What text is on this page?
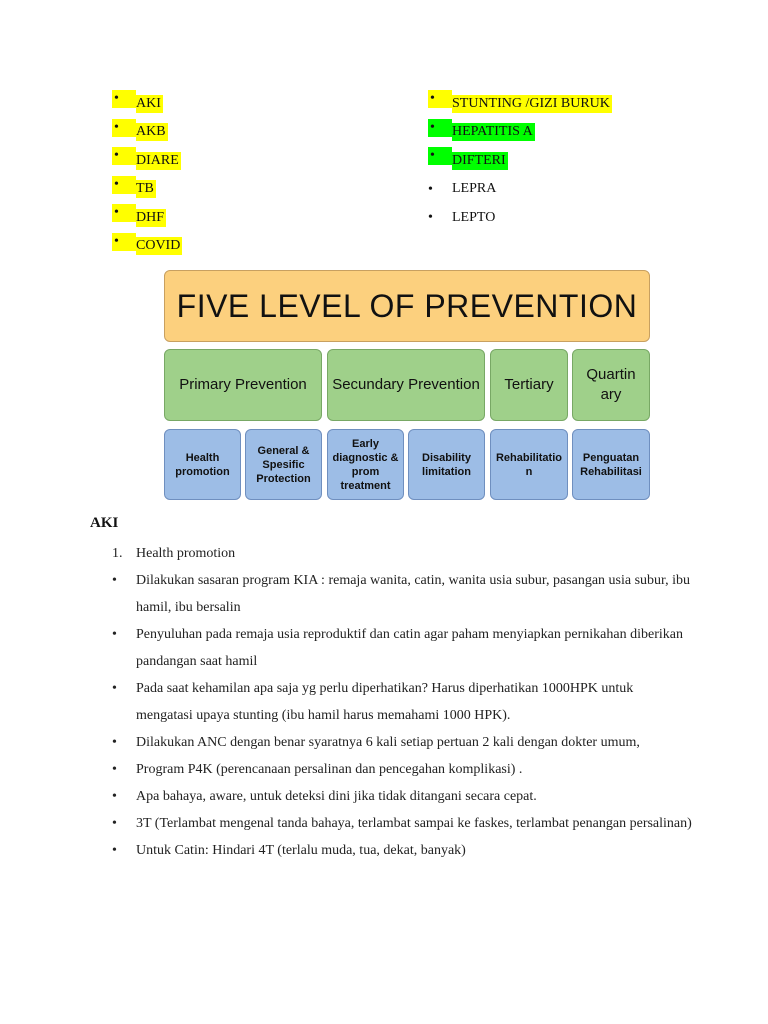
•	AKI
•	AKB
•	DIARE
•	TB
•	DHF
•	COVID
•	STUNTING /GIZI BURUK
•	HEPATITIS A
•	DIFTERI
•	LEPRA
•	LEPTO
FIVE LEVEL OF PREVENTION
Primary Prevention	Secundary Prevention	Tertiary
Quartin ary
Health promotion
General & Spesific Protection
Early diagnostic & prom treatment
Disability limitation
Rehabilitatio n
Penguatan Rehabilitasi
AKI
1. Health promotion
• Dilakukan sasaran program KIA : remaja wanita, catin, wanita usia subur, pasangan usia subur, ibu hamil, ibu bersalin
• Penyuluhan pada remaja usia reproduktif dan catin agar paham menyiapkan pernikahan diberikan pandangan saat hamil
• Pada saat kehamilan apa saja yg perlu diperhatikan? Harus diperhatikan 1000HPK untuk mengatasi upaya stunting (ibu hamil harus memahami 1000 HPK).
• Dilakukan ANC dengan benar syaratnya 6 kali setiap pertuan 2 kali dengan dokter umum,
• Program P4K (perencanaan persalinan dan pencegahan komplikasi) .
• Apa bahaya, aware, untuk deteksi dini jika tidak ditangani secara cepat.
• 3T (Terlambat mengenal tanda bahaya, terlambat sampai ke faskes, terlambat penangan persalinan)
• Untuk Catin: Hindari 4T (terlalu muda, tua, dekat, banyak)
